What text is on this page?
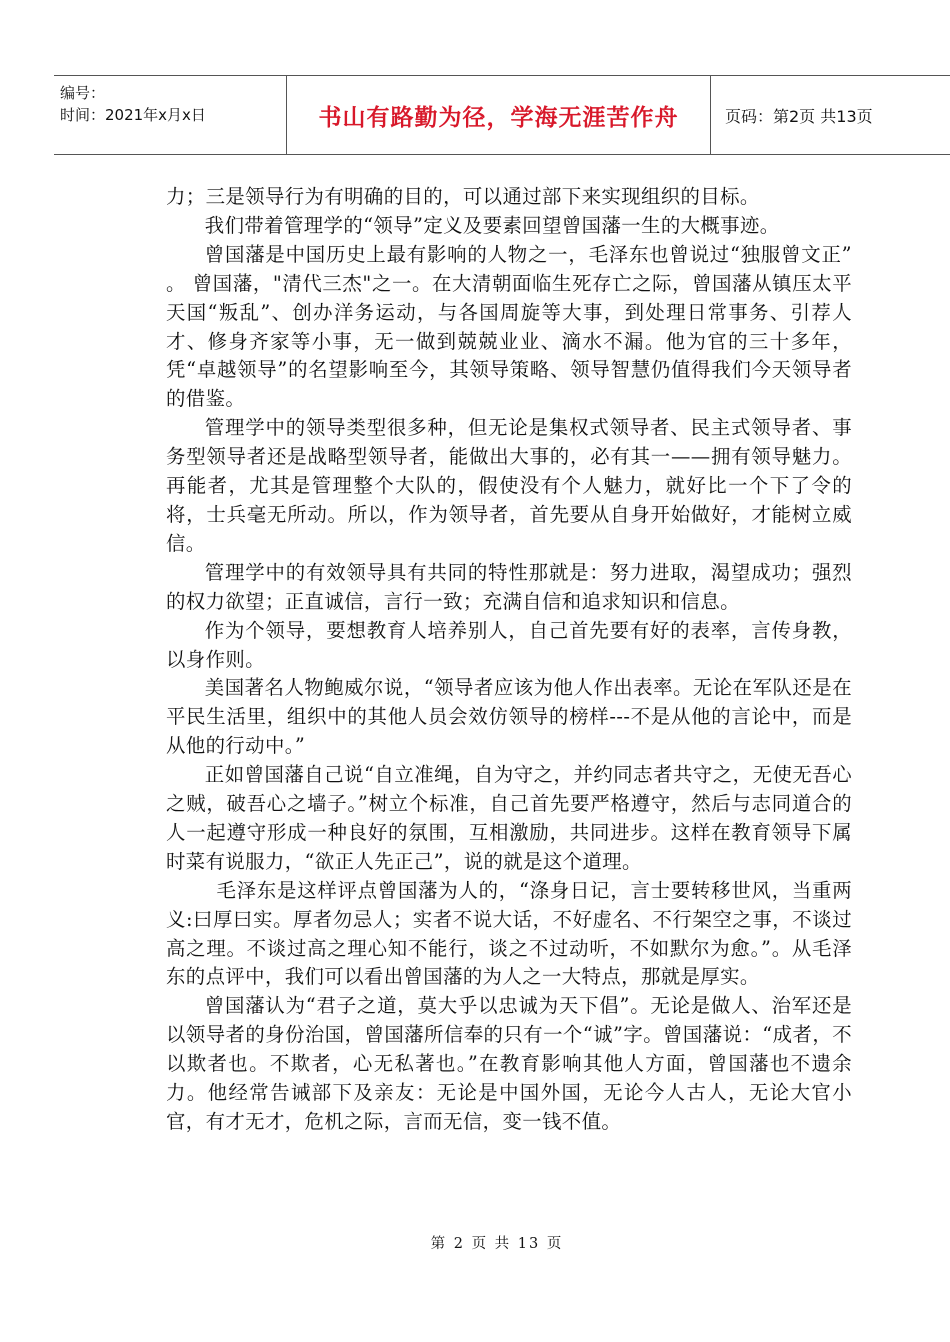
编号：
时间：2021年x月x日	书山有路勤为径，学海无涯苦作舟	页码：第2页 共13页

力；三是领导行为有明确的目的，可以通过部下来实现组织的目标。

我们带着管理学的“领导”定义及要素回望曾国藩一生的大概事迹。

曾国藩是中国历史上最有影响的人物之一，毛泽东也曾说过“独服曾文正” 。 曾国藩，"清代三杰"之一。在大清朝面临生死存亡之际，曾国藩从镇压太平天国“叛乱”、创办洋务运动，与各国周旋等大事，到处理日常事务、引荐人才、修身齐家等小事，无一做到兢兢业业、滴水不漏。他为官的三十多年，凭“卓越领导”的名望影响至今，其领导策略、领导智慧仍值得我们今天领导者的借鉴。

管理学中的领导类型很多种，但无论是集权式领导者、民主式领导者、事务型领导者还是战略型领导者，能做出大事的，必有其一——拥有领导魅力。再能者，尤其是管理整个大队的，假使没有个人魅力，就好比一个下了令的将，士兵毫无所动。所以，作为领导者，首先要从自身开始做好，才能树立威信。

管理学中的有效领导具有共同的特性那就是：努力进取，渴望成功；强烈的权力欲望；正直诚信，言行一致；充满自信和追求知识和信息。

作为个领导，要想教育人培养别人，自己首先要有好的表率，言传身教，以身作则。

美国著名人物鲍威尔说，“领导者应该为他人作出表率。无论在军队还是在平民生活里，组织中的其他人员会效仿领导的榜样---不是从他的言论中，而是从他的行动中。”

正如曾国藩自己说“自立准绳，自为守之，并约同志者共守之，无使无吾心之贼，破吾心之墙子。”树立个标准，自己首先要严格遵守，然后与志同道合的人一起遵守形成一种良好的氛围，互相激励，共同进步。这样在教育领导下属时菜有说服力，“欲正人先正己”，说的就是这个道理。

毛泽东是这样评点曾国藩为人的，“涤身日记，言士要转移世风，当重两义:曰厚曰实。厚者勿忌人；实者不说大话，不好虚名、不行架空之事，不谈过高之理。不谈过高之理心知不能行，谈之不过动听，不如默尔为愈。”。从毛泽东的点评中，我们可以看出曾国藩的为人之一大特点，那就是厚实。

曾国藩认为“君子之道，莫大乎以忠诚为天下倡”。无论是做人、治军还是以领导者的身份治国，曾国藩所信奉的只有一个“诚”字。曾国藩说：“成者，不以欺者也。不欺者，心无私著也。”在教育影响其他人方面，曾国藩也不遗余力。他经常告诫部下及亲友：无论是中国外国，无论今人古人，无论大官小官，有才无才，危机之际，言而无信，变一钱不值。

第 2 页 共 13 页
